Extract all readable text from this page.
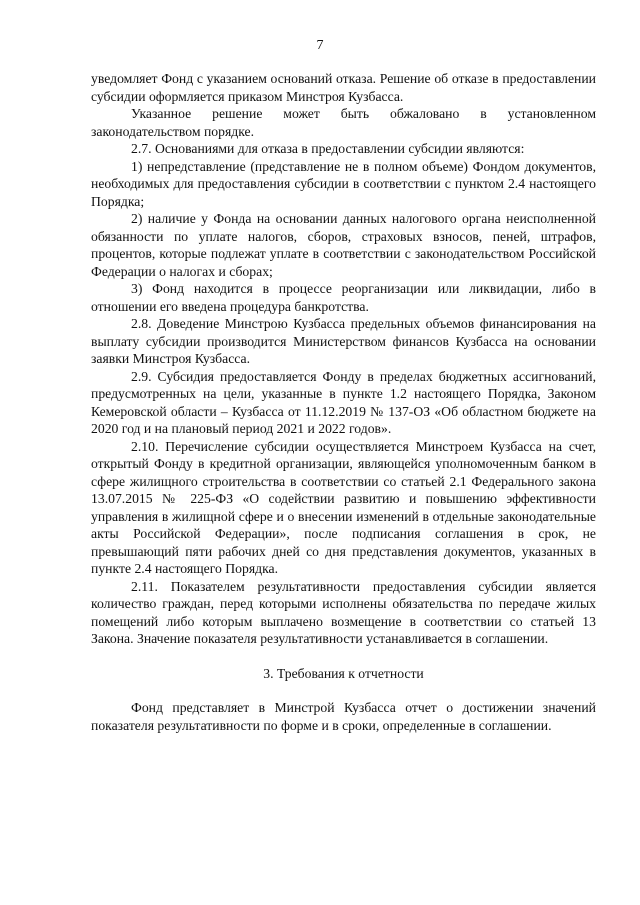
7

уведомляет Фонд с указанием оснований отказа. Решение об отказе в предоставлении субсидии оформляется приказом Минстроя Кузбасса.

Указанное решение может быть обжаловано в установленном законодательством порядке.

2.7. Основаниями для отказа в предоставлении субсидии являются:

1) непредставление (представление не в полном объеме) Фондом документов, необходимых для предоставления субсидии в соответствии с пунктом 2.4 настоящего Порядка;

2) наличие у Фонда на основании данных налогового органа неисполненной обязанности по уплате налогов, сборов, страховых взносов, пеней, штрафов, процентов, которые подлежат уплате в соответствии с законодательством Российской Федерации о налогах и сборах;

3) Фонд находится в процессе реорганизации или ликвидации, либо в отношении его введена процедура банкротства.

2.8. Доведение Минстрою Кузбасса предельных объемов финансирования на выплату субсидии производится Министерством финансов Кузбасса на основании заявки Минстроя Кузбасса.

2.9. Субсидия предоставляется Фонду в пределах бюджетных ассигнований, предусмотренных на цели, указанные в пункте 1.2 настоящего Порядка, Законом Кемеровской области – Кузбасса от 11.12.2019 № 137-ОЗ «Об областном бюджете на 2020 год и на плановый период 2021 и 2022 годов».

2.10. Перечисление субсидии осуществляется Минстроем Кузбасса на счет, открытый Фонду в кредитной организации, являющейся уполномоченным банком в сфере жилищного строительства в соответствии со статьей 2.1 Федерального закона 13.07.2015 № 225-ФЗ «О содействии развитию и повышению эффективности управления в жилищной сфере и о внесении изменений в отдельные законодательные акты Российской Федерации», после подписания соглашения в срок, не превышающий пяти рабочих дней со дня представления документов, указанных в пункте 2.4 настоящего Порядка.

2.11. Показателем результативности предоставления субсидии является количество граждан, перед которыми исполнены обязательства по передаче жилых помещений либо которым выплачено возмещение в соответствии со статьей 13 Закона. Значение показателя результативности устанавливается в соглашении.

3. Требования к отчетности

Фонд представляет в Минстрой Кузбасса отчет о достижении значений показателя результативности по форме и в сроки, определенные в соглашении.
